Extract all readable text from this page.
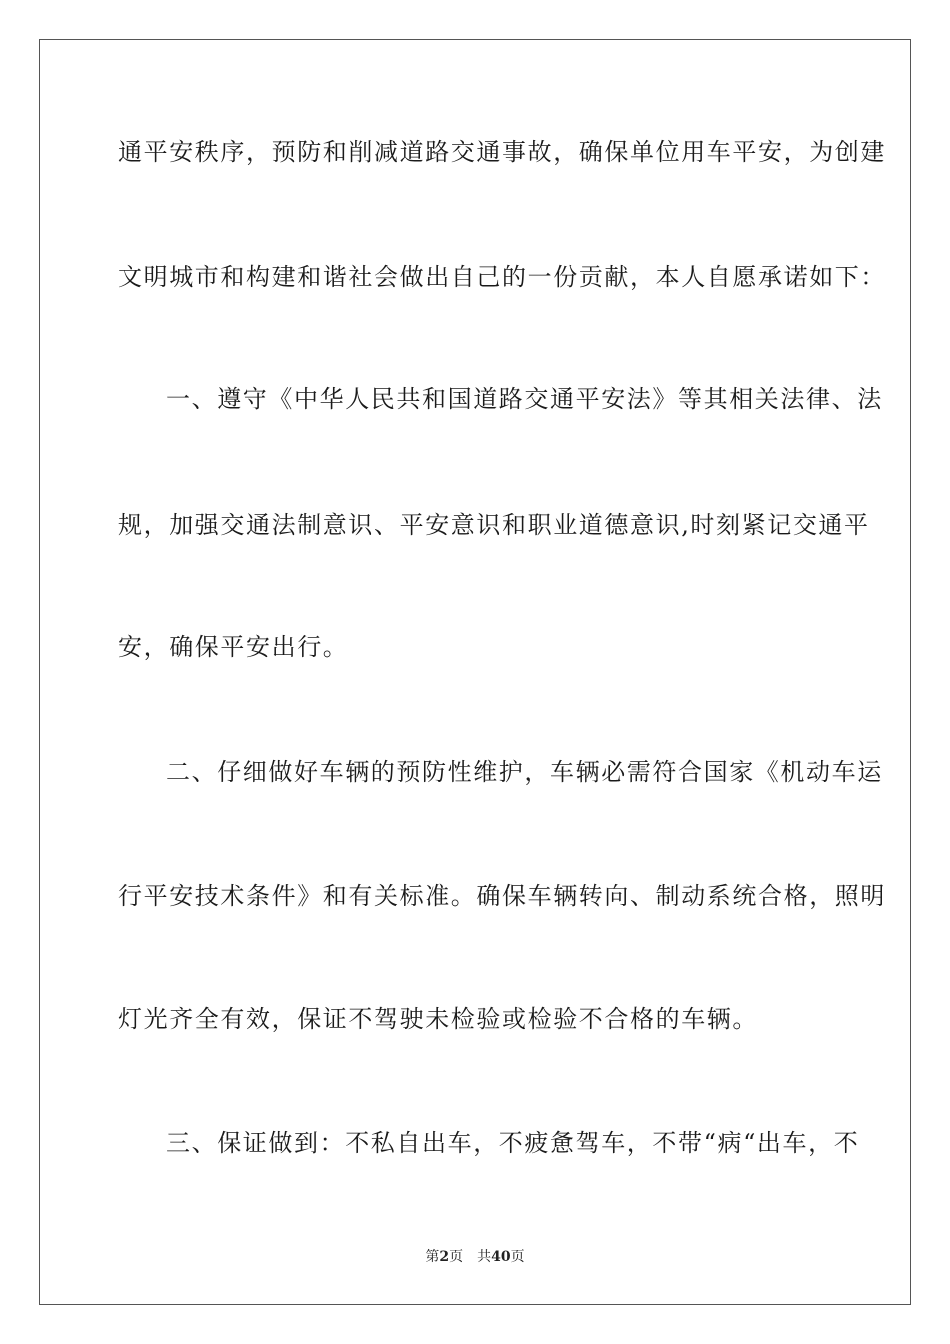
通平安秩序，预防和削减道路交通事故，确保单位用车平安，为创建
文明城市和构建和谐社会做出自己的一份贡献，本人自愿承诺如下：
一、遵守《中华人民共和国道路交通平安法》等其相关法律、法
规，加强交通法制意识、平安意识和职业道德意识,时刻紧记交通平
安，确保平安出行。
二、仔细做好车辆的预防性维护，车辆必需符合国家《机动车运
行平安技术条件》和有关标准。确保车辆转向、制动系统合格，照明
灯光齐全有效，保证不驾驶未检验或检验不合格的车辆。
三、保证做到：不私自出车，不疲惫驾车，不带“病“出车，不
第2页 共40页
